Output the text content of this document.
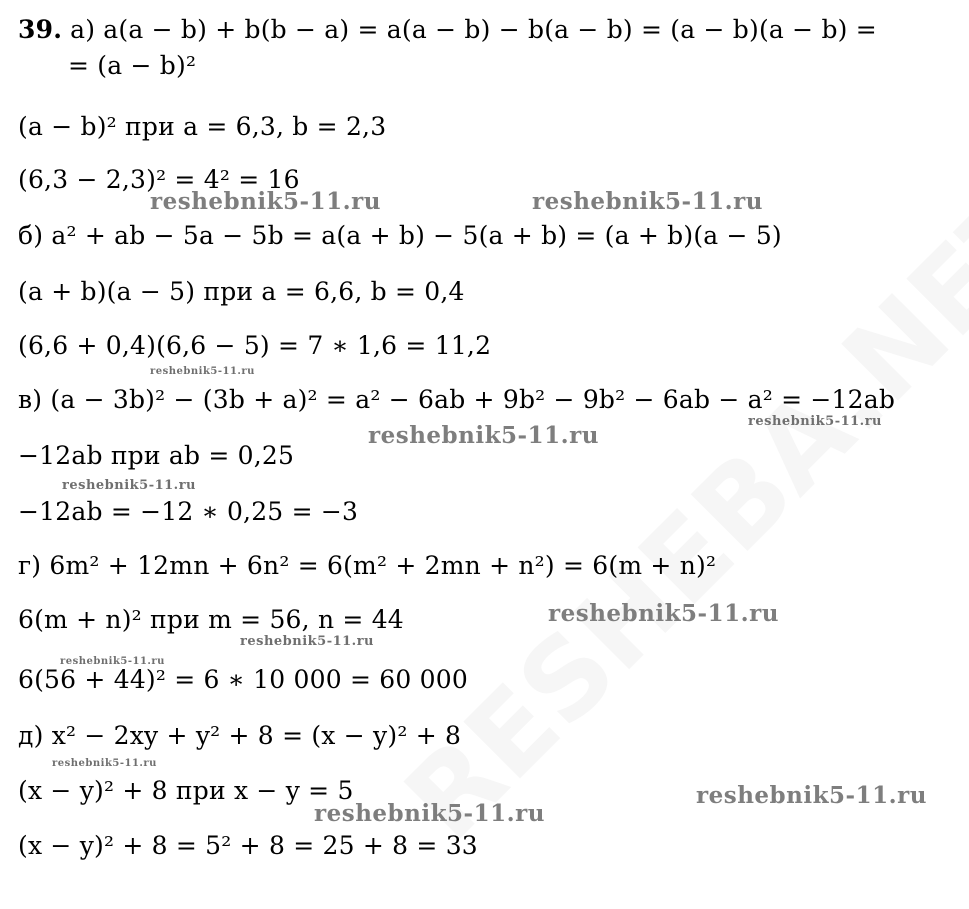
39. а) a(a − b) + b(b − a) = a(a − b) − b(a − b) = (a − b)(a − b) =
= (a − b)²
(a − b)² при a = 6,3, b = 2,3
(6,3 − 2,3)² = 4² = 16
б) a² + ab − 5a − 5b = a(a + b) − 5(a + b) = (a + b)(a − 5)
(a + b)(a − 5) при a = 6,6, b = 0,4
(6,6 + 0,4)(6,6 − 5) = 7 ∗ 1,6 = 11,2
в) (a − 3b)² − (3b + a)² = a² − 6ab + 9b² − 9b² − 6ab − a² = −12ab
−12ab при ab = 0,25
−12ab = −12 ∗ 0,25 = −3
г) 6m² + 12mn + 6n² = 6(m² + 2mn + n²) = 6(m + n)²
6(m + n)² при m = 56, n = 44
6(56 + 44)² = 6 ∗ 10 000 = 60 000
д) x² − 2xy + y² + 8 = (x − y)² + 8
(x − y)² + 8 при x − y = 5
(x − y)² + 8 = 5² + 8 = 25 + 8 = 33
reshebnik5-11.ru	reshebnik5-11.ru
reshebnik5-11.ru
reshebnik5-11.ru
reshebnik5-11.ru
reshebnik5-11.ru
reshebnik5-11.ru
reshebnik5-11.ru
reshebnik5-11.ru
reshebnik5-11.ru
reshebnik5-11.ru
reshebnik5-11.ru
